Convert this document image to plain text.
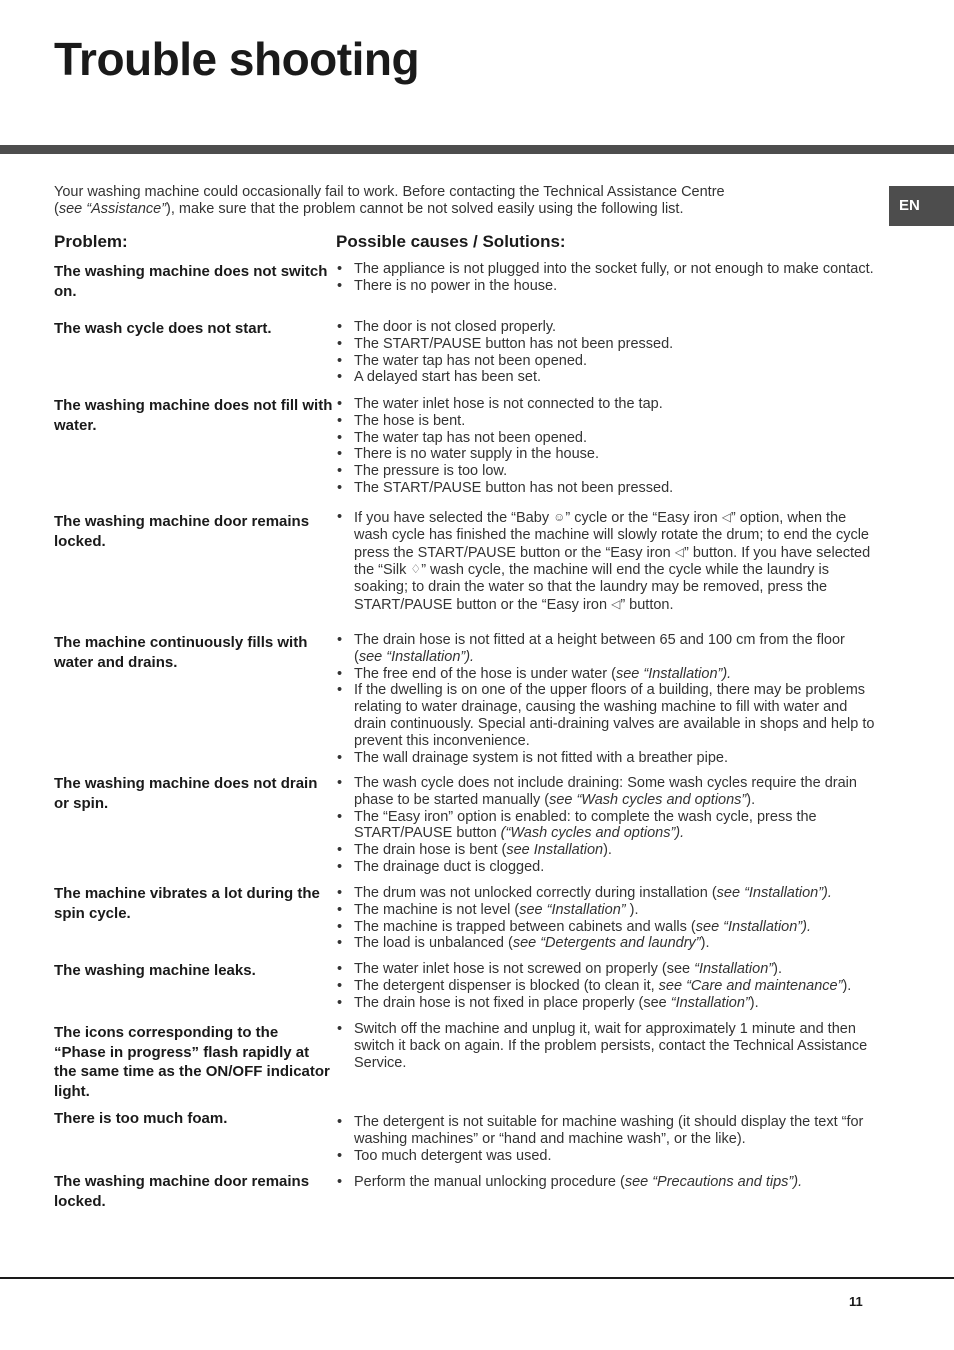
Trouble shooting
EN

Your washing machine could occasionally fail to work. Before contacting the Technical Assistance Centre
(see “Assistance”), make sure that the problem cannot be not solved easily using the following list.

Problem:	Possible causes / Solutions:

The washing machine does not switch on.

• The appliance is not plugged into the socket fully, or not enough to make contact.
• There is no power in the house.

The wash cycle does not start.	• The door is not closed properly.
• The START/PAUSE button has not been pressed.
• The water tap has not been opened.
• A delayed start has been set.

The washing machine does not fill with water.

• The water inlet hose is not connected to the tap.
• The hose is bent.
• The water tap has not been opened.
• There is no water supply in the house.
• The pressure is too low.
• The START/PAUSE button has not been pressed.

The washing machine door remains locked.

• If you have selected the “Baby ☺” cycle or the “Easy iron ◁” option, when the wash cycle has finished the machine will slowly rotate the drum; to end the cycle press the START/PAUSE button or the “Easy iron ◁” button. If you have selected the “Silk ♢” wash cycle, the machine will end the cycle while the laundry is soaking; to drain the water so that the laundry may be removed, press the START/PAUSE button or the “Easy iron ◁” button.

The machine continuously fills with water and drains.

• The drain hose is not fitted at a height between 65 and 100 cm from the floor (see “Installation”).
• The free end of the hose is under water (see “Installation”).
• If the dwelling is on one of the upper floors of a building, there may be problems relating to water drainage, causing the washing machine to fill with water and drain continuously. Special anti-draining valves are available in shops and help to prevent this inconvenience.
• The wall drainage system is not fitted with a breather pipe.

The washing machine does not drain or spin.

• The wash cycle does not include draining: Some wash cycles require the drain phase to be started manually (see “Wash cycles and options”).
• The “Easy iron” option is enabled: to complete the wash cycle, press the START/PAUSE button (“Wash cycles and options”).
• The drain hose is bent (see Installation).
• The drainage duct is clogged.

The machine vibrates a lot during the spin cycle.

• The drum was not unlocked correctly during installation (see “Installation”).
• The machine is not level (see “Installation” ).
• The machine is trapped between cabinets and walls (see “Installation”).
• The load is unbalanced (see “Detergents and laundry”).

The washing machine leaks.	• The water inlet hose is not screwed on properly (see “Installation”).
• The detergent dispenser is blocked (to clean it, see “Care and maintenance”).
• The drain hose is not fixed in place properly (see “Installation”).

The icons corresponding to the “Phase in progress” flash rapidly at the same time as the ON/OFF indicator light.

• Switch off the machine and unplug it, wait for approximately 1 minute and then switch it back on again. If the problem persists, contact the Technical Assistance Service.

There is too much foam.	• The detergent is not suitable for machine washing (it should display the text “for washing machines” or “hand and machine wash”, or the like).
• Too much detergent was used.

The washing machine door remains locked.

• Perform the manual unlocking procedure (see “Precautions and tips”).
11
